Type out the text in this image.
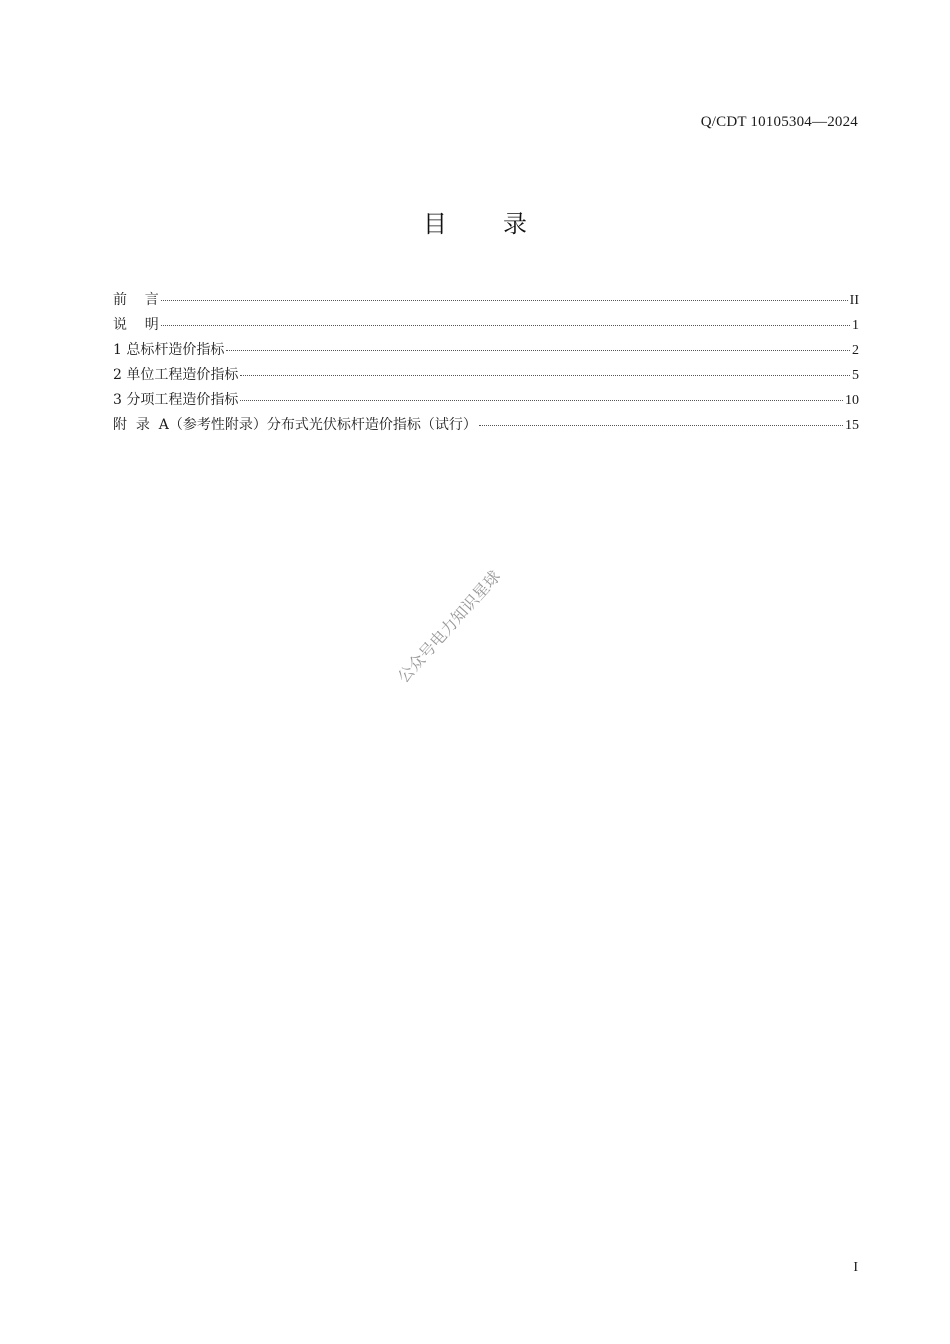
Q/CDT 10105304—2024
目 录
前    言	II
说    明	1
1 总标杆造价指标	2
2 单位工程造价指标	5
3 分项工程造价指标	10
附  录  A（参考性附录）分布式光伏标杆造价指标（试行）	15
公众号电力知识星球
I
